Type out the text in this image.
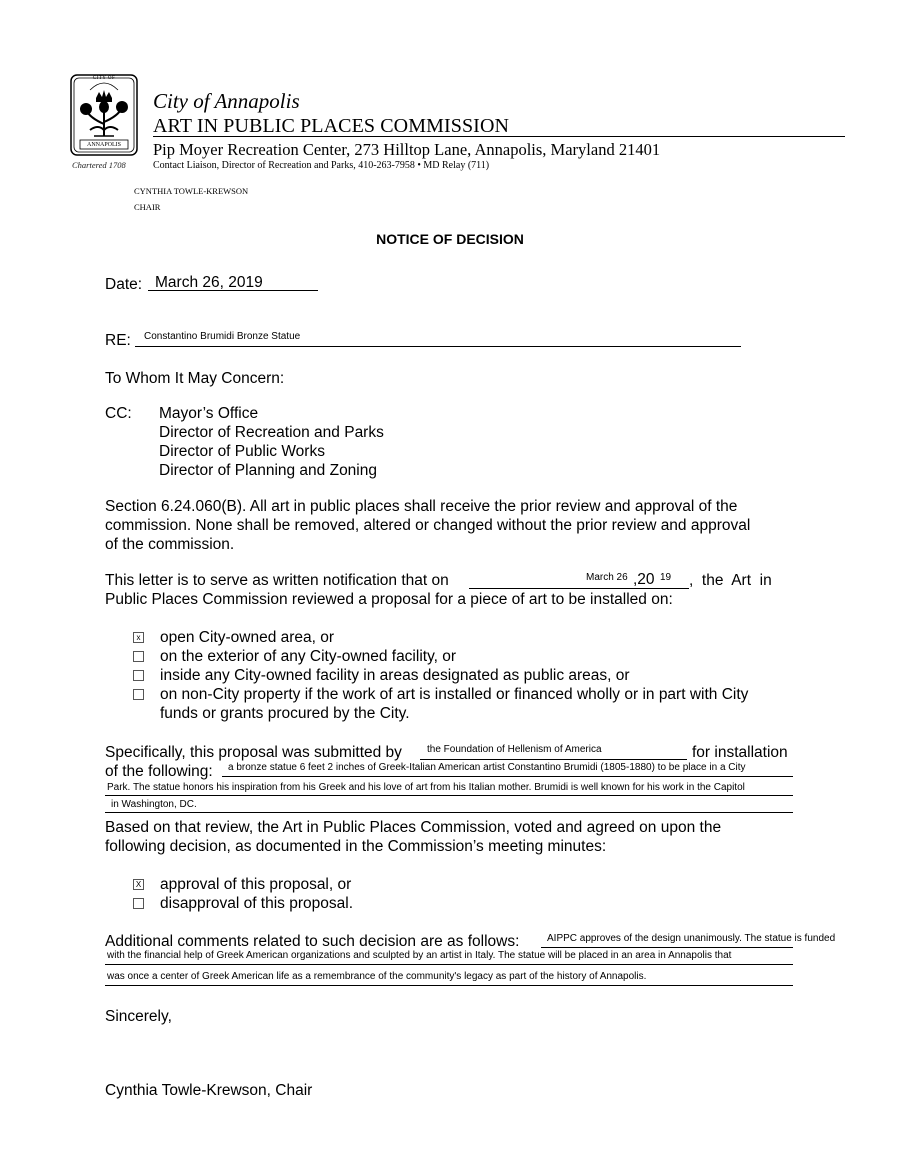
CITY OF
ANNAPOLIS
Chartered 1708
City of Annapolis
ART IN PUBLIC PLACES COMMISSION
Pip Moyer Recreation Center, 273 Hilltop Lane, Annapolis, Maryland 21401
Contact Liaison, Director of Recreation and Parks, 410-263-7958 • MD Relay (711)
CYNTHIA TOWLE-KREWSON
CHAIR
NOTICE OF DECISION
Date: March 26, 2019
RE: Constantino Brumidi Bronze Statue
To Whom It May Concern:
CC: Mayor’s Office
Director of Recreation and Parks
Director of Public Works
Director of Planning and Zoning
Section 6.24.060(B). All art in public places shall receive the prior review and approval of the
commission. None shall be removed, altered or changed without the prior review and approval
of the commission.
This letter is to serve as written notification that on	March 26 ,20 19 ,  the  Art  in
Public Places Commission reviewed a proposal for a piece of art to be installed on:
x open City-owned area, or
on the exterior of any City-owned facility, or
inside any City-owned facility in areas designated as public areas, or
on non-City property if the work of art is installed or financed wholly or in part with City
funds or grants procured by the City.
Specifically, this proposal was submitted by	the Foundation of Hellenism of America	for installation
of the following: a bronze statue 6 feet 2 inches of Greek-Italian American artist Constantino Brumidi (1805-1880) to be place in a City
Park. The statue honors his inspiration from his Greek and his love of art from his Italian mother. Brumidi is well known for his work in the Capitol
in Washington, DC.
Based on that review, the Art in Public Places Commission, voted and agreed on upon the
following decision, as documented in the Commission’s meeting minutes:
X approval of this proposal, or
disapproval of this proposal.
Additional comments related to such decision are as follows:	AIPPC approves of the design unanimously. The statue is funded
with the financial help of Greek American organizations and sculpted by an artist in Italy. The statue will be placed in an area in Annapolis that
was once a center of Greek American life as a remembrance of the community's legacy as part of the history of Annapolis.
Sincerely,
Cynthia Towle-Krewson, Chair
